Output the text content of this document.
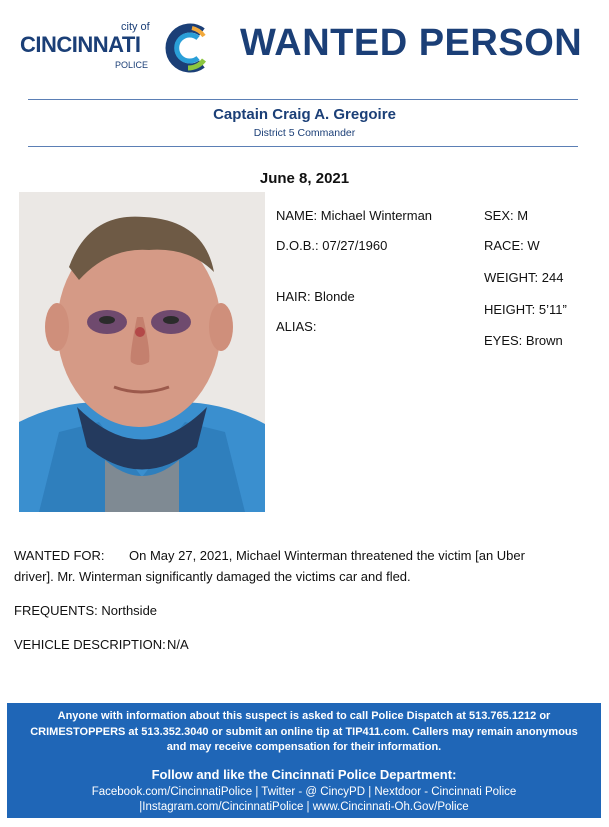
city of
CINCINNATI
POLICE
WANTED PERSON
Captain Craig A. Gregoire
District 5 Commander
June 8, 2021
NAME: Michael Winterman
D.O.B.: 07/27/1960
HAIR: Blonde
ALIAS:
SEX: M
RACE: W
WEIGHT: 244
HEIGHT: 5’11”
EYES: Brown
WANTED FOR: On May 27, 2021, Michael Winterman threatened the victim [an Uber
driver]. Mr. Winterman significantly damaged the victims car and fled.
FREQUENTS: Northside
VEHICLE DESCRIPTION: N/A
Anyone with information about this suspect is asked to call Police Dispatch at 513.765.1212 or
CRIMESTOPPERS at 513.352.3040 or submit an online tip at TIP411.com. Callers may remain anonymous
and may receive compensation for their information.
Follow and like the Cincinnati Police Department:
Facebook.com/CincinnatiPolice | Twitter - @ CincyPD | Nextdoor - Cincinnati Police
|Instagram.com/CincinnatiPolice | www.Cincinnati-Oh.Gov/Police
